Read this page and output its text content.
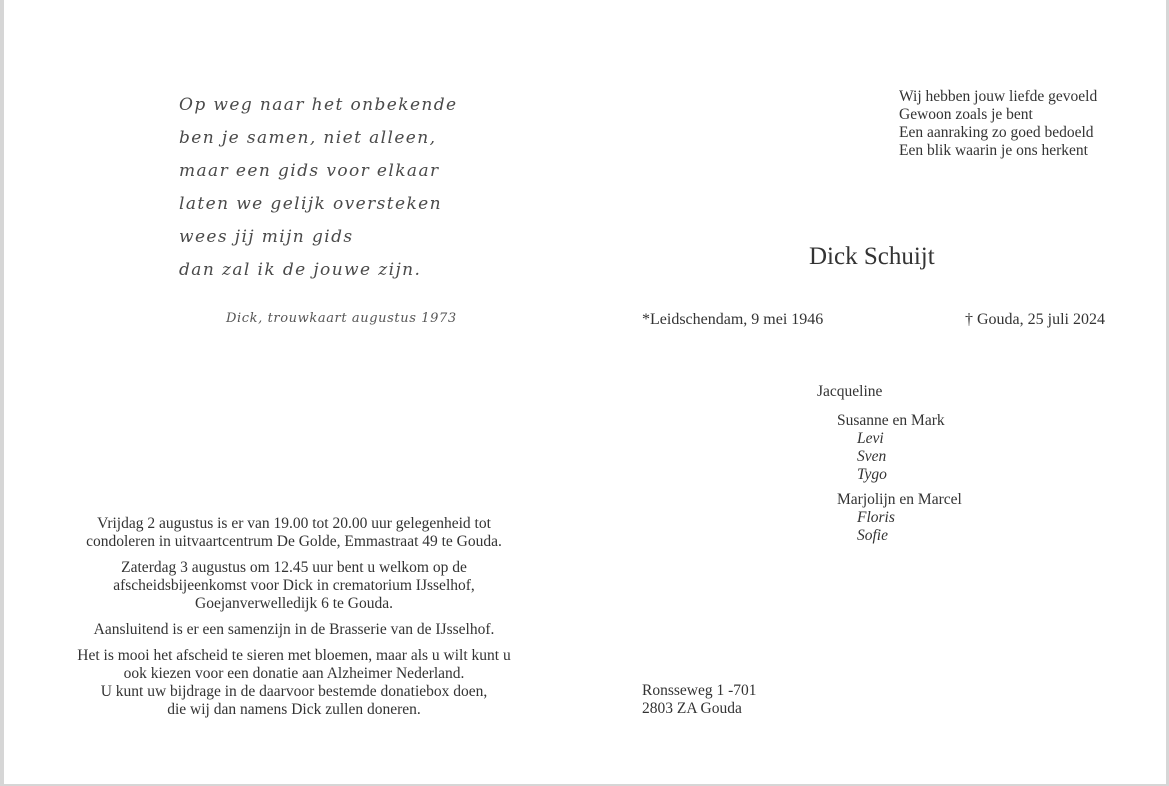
Op weg naar het onbekende
ben je samen, niet alleen,
maar een gids voor elkaar
laten we gelijk oversteken
wees jij mijn gids
dan zal ik de jouwe zijn.
Dick, trouwkaart augustus 1973
Wij hebben jouw liefde gevoeld
Gewoon zoals je bent
Een aanraking zo goed bedoeld
Een blik waarin je ons herkent
Dick Schuijt
*Leidschendam, 9 mei 1946	† Gouda, 25 juli 2024
Jacqueline
Susanne en Mark
Levi
Sven
Tygo
Marjolijn en Marcel
Floris
Sofie

Vrijdag 2 augustus is er van 19.00 tot 20.00 uur gelegenheid tot
condoleren in uitvaartcentrum De Golde, Emmastraat 49 te Gouda.

Zaterdag 3 augustus om 12.45 uur bent u welkom op de
afscheidsbijeenkomst voor Dick in crematorium IJsselhof,
Goejanverwelledijk 6 te Gouda.

Aansluitend is er een samenzijn in de Brasserie van de IJsselhof.

Het is mooi het afscheid te sieren met bloemen, maar als u wilt kunt u
ook kiezen voor een donatie aan Alzheimer Nederland.
U kunt uw bijdrage in de daarvoor bestemde donatiebox doen,
die wij dan namens Dick zullen doneren.

Ronsseweg 1 -701
2803 ZA Gouda
